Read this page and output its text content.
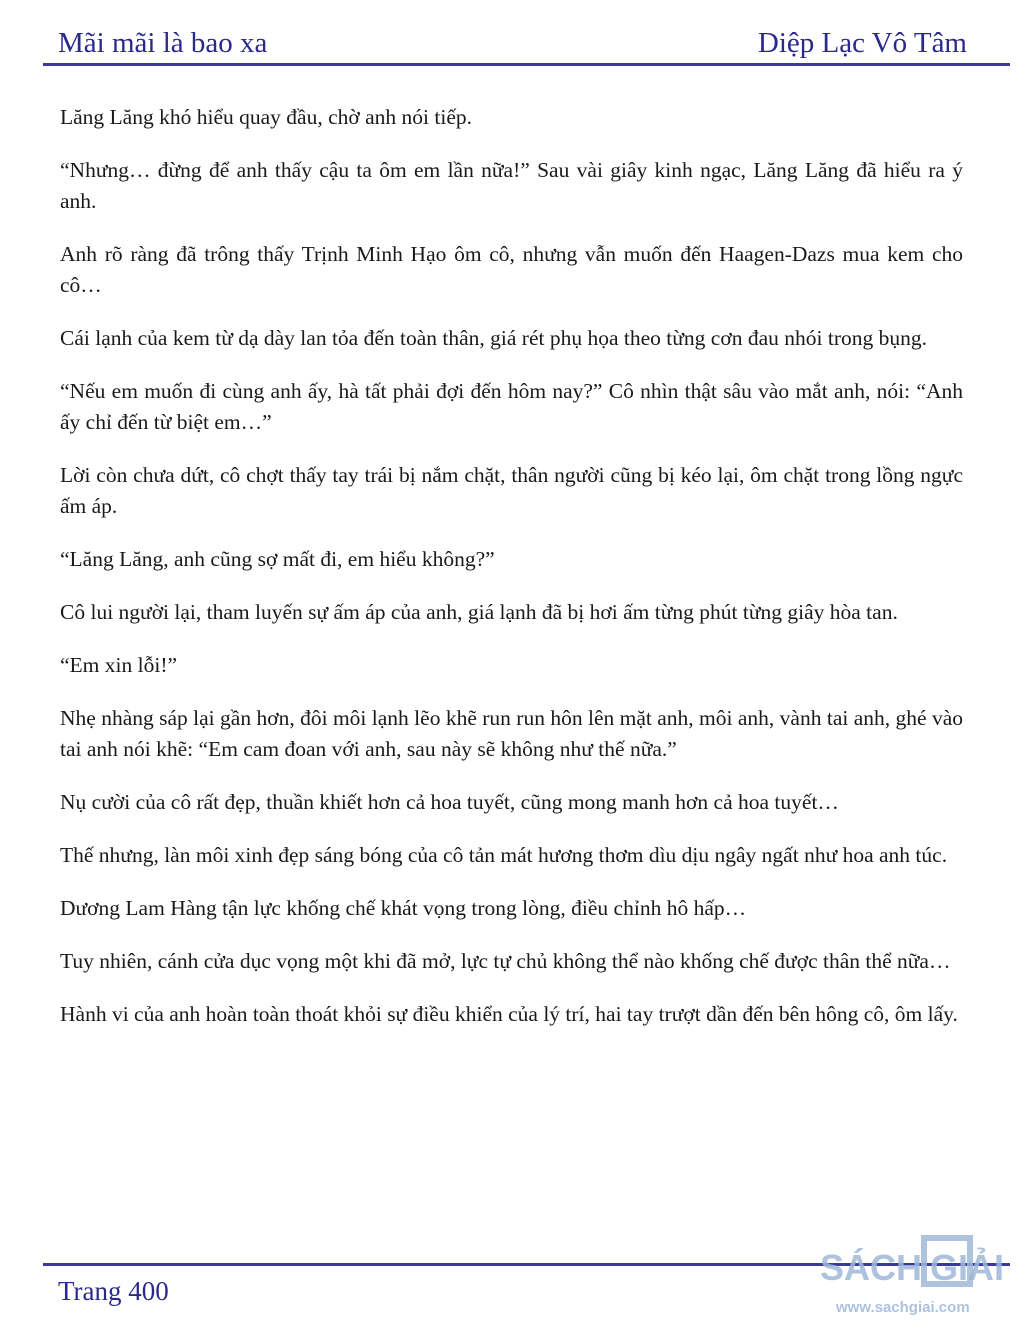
Mãi mãi là bao xa	Diệp Lạc Vô Tâm

Lăng Lăng khó hiểu quay đầu, chờ anh nói tiếp.

“Nhưng… đừng để anh thấy cậu ta ôm em lần nữa!” Sau vài giây kinh ngạc, Lăng Lăng đã hiểu ra ý anh.

Anh rõ ràng đã trông thấy Trịnh Minh Hạo ôm cô, nhưng vẫn muốn đến Haagen-Dazs mua kem cho cô…

Cái lạnh của kem từ dạ dày lan tỏa đến toàn thân, giá rét phụ họa theo từng cơn đau nhói trong bụng.

“Nếu em muốn đi cùng anh ấy, hà tất phải đợi đến hôm nay?” Cô nhìn thật sâu vào mắt anh, nói: “Anh ấy chỉ đến từ biệt em…”

Lời còn chưa dứt, cô chợt thấy tay trái bị nắm chặt, thân người cũng bị kéo lại, ôm chặt trong lồng ngực ấm áp.

“Lăng Lăng, anh cũng sợ mất đi, em hiểu không?”

Cô lui người lại, tham luyến sự ấm áp của anh, giá lạnh đã bị hơi ấm từng phút từng giây hòa tan.

“Em xin lỗi!”

Nhẹ nhàng sáp lại gần hơn, đôi môi lạnh lẽo khẽ run run hôn lên mặt anh, môi anh, vành tai anh, ghé vào tai anh nói khẽ: “Em cam đoan với anh, sau này sẽ không như thế nữa.”

Nụ cười của cô rất đẹp, thuần khiết hơn cả hoa tuyết, cũng mong manh hơn cả hoa tuyết…

Thế nhưng, làn môi xinh đẹp sáng bóng của cô tản mát hương thơm dìu dịu ngây ngất như hoa anh túc.

Dương Lam Hàng tận lực khống chế khát vọng trong lòng, điều chỉnh hô hấp…

Tuy nhiên, cánh cửa dục vọng một khi đã mở, lực tự chủ không thể nào khống chế được thân thể nữa…

Hành vi của anh hoàn toàn thoát khỏi sự điều khiển của lý trí, hai tay trượt dần đến bên hông cô, ôm lấy.

Trang 400
SÁCH GIẢI
www.sachgiai.com
